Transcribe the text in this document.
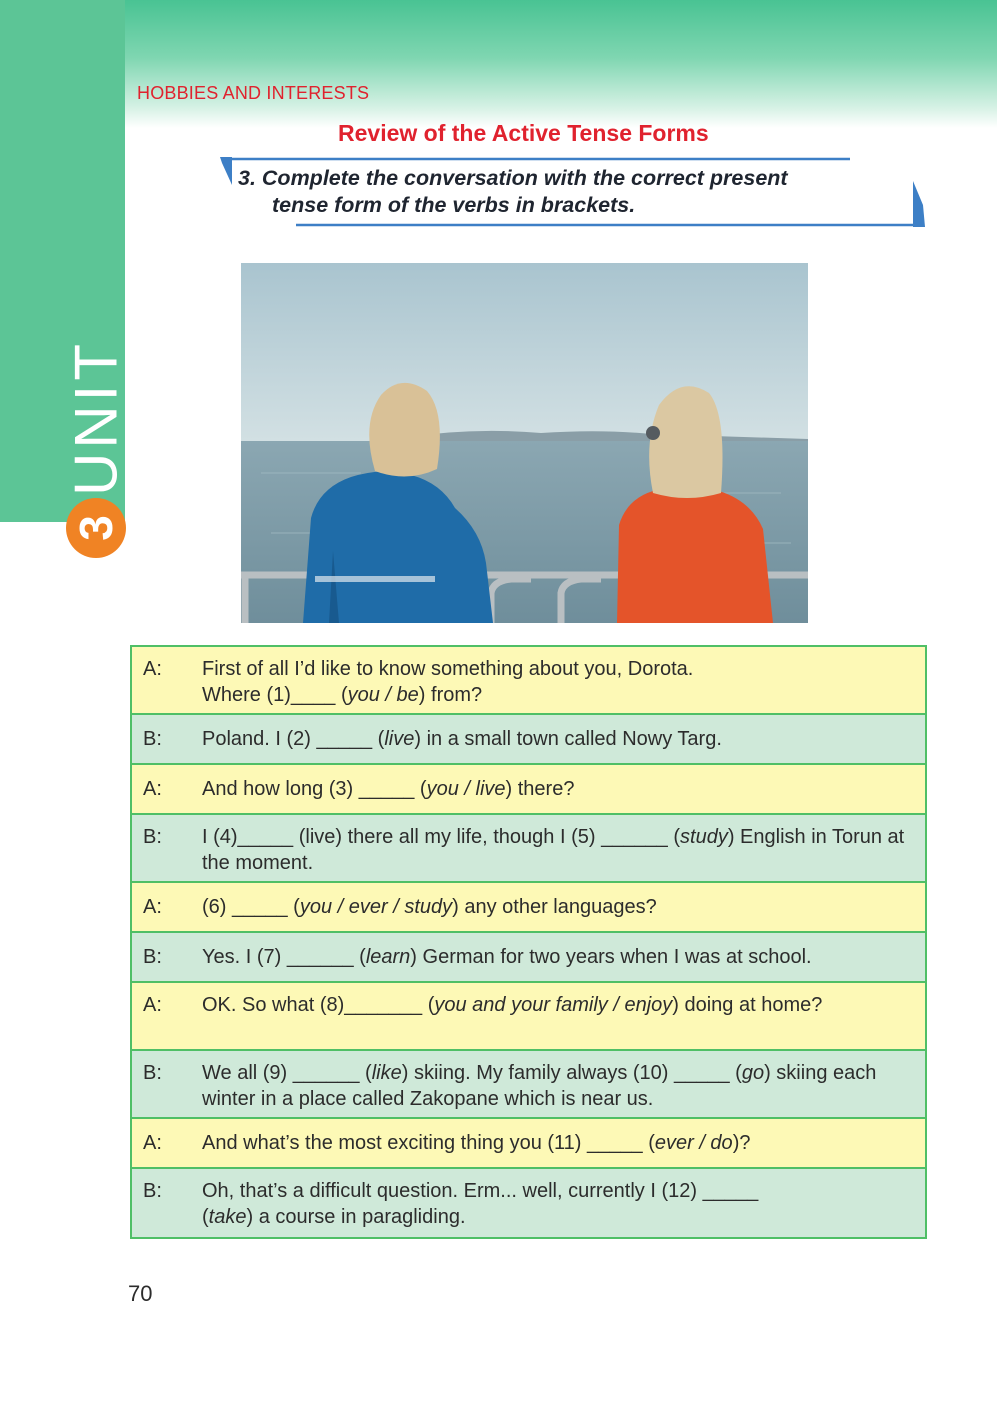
UNIT
3
HOBBIES AND INTERESTS
Review of the Active Tense Forms
3. Complete the conversation with the correct present
tense form of the verbs in brackets.
A:	First of all I’d like to know something about you, Dorota.
Where (1)____ (you / be) from?
B:	Poland. I (2) _____ (live) in a small town called Nowy Targ.
A:	And how long (3) _____ (you / live) there?
B:	I (4)_____ (live) there all my life, though I (5) ______ (study) English in Torun at the moment.
A:	(6) _____ (you / ever / study) any other languages?
B:	Yes. I (7) ______ (learn) German for two years when I was at school.
A:	OK. So what (8)_______ (you and your family / enjoy) doing at home?
B:	We all (9) ______ (like) skiing. My family always (10) _____ (go) skiing each winter in a place called Zakopane which is near us.
A:	And what’s the most exciting thing you (11) _____ (ever / do)?
B:	Oh, that’s a difficult question. Erm... well, currently I (12) _____
(take) a course in paragliding.
70
